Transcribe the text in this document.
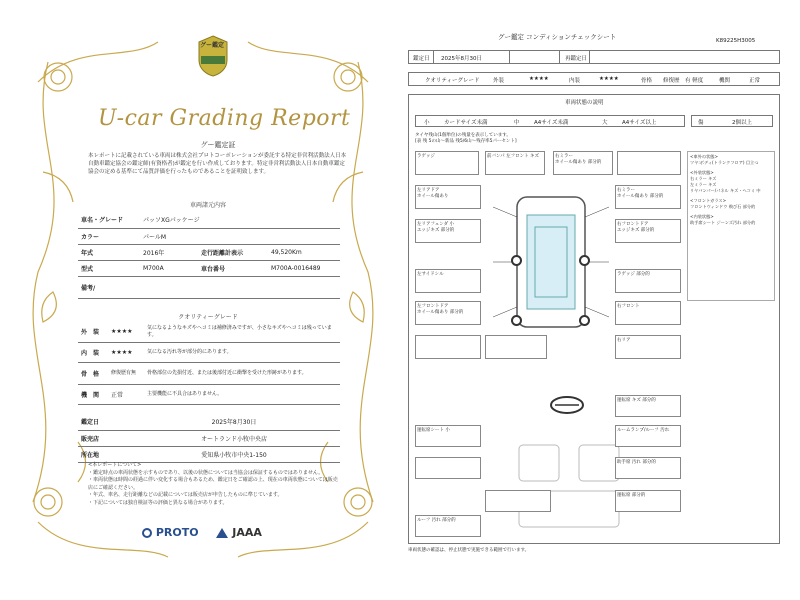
グー鑑定
U-car Grading Report
グー鑑定証
本レポートに記載されている車両は株式会社プロトコーポレーションが委託する特定非営利活動法人日本自動車鑑定協会の鑑定師(有資格者)が鑑定を行い作成しております。特定非営利活動法人日本自動車鑑定協会の定める基準にて品質評価を行ったものであることを証明致します。
車両諸元内容
車名・グレード	パッソXGパッケージ		
カラー	パールM		
年式	2016年	走行距離計表示	49,520Km
型式	M700A	車台番号	M700A-0016489
備考/			
クオリティーグレード
外　装	★★★★	気になるようなキズやヘコミは補修済みですが、小さなキズやヘコミは残っています。
内　装	★★★★	気になる汚れ等が部分的にあります。
骨　格	修復歴有無	骨格部位の先損付近、または後部付近に衝撃を受けた形跡があります。
機　関	正常	主要機能に不具合はありません。
鑑定日	2025年8月30日
販売店	オートランド小牧中央店
所在地	愛知県小牧市中央1-150
<本レポートについて>
・鑑定時点の車両状態を示すものであり、以後の状態については当協会は保証するものではありません。
・車両状態は時間の経過に伴い変化する場合もあるため、鑑定日をご確認の上、現在の車両状態については販売店にご確認ください。
・年式、車名、走行距離などの記載については販売店が申告したものに準じています。
・下記については独自検証等の評価と異なる場合があります。
PROTO	JAAA
グー鑑定 コンディションチェックシート	K89225H3005
鑑定日 2025年8月30日	再鑑定日
クオリティーグレード 外装	★★★★	内装	★★★★	骨格 修復歴 有 軽度	機関	正常
車両状態の説明
小	カードサイズ未満	中	A4サイズ未満	大	A4サイズ以上	傷	2個以上
タイヤ残山(1個単位)の残量を表示しています。
[表 残 5の山〜新品 残5/6山〜残存率5パーセント]
ラゲッジ	前バンパ 左フロント キズ
左リアドア
ホイール傷あり
左リアフェンダ 小
エッジキズ 部分的
左サイドシル
左フロントドア
ホイール傷あり 部分的
右ミラー
ホイール傷あり 部分的
右ミラー
ホイール傷あり 部分的
右フロントドア
エッジキズ 部分的
ラゲッジ 部分的
右フロント
右リア
<車外の状態>
ツヤ:ボディ(トランクフロア) 目立つ
<外装状態>
右ミラー キズ
左ミラー キズ
リヤバンパー/パネル キズ・ヘコミ 中
<フロントガラス>
フロントウィンドウ 飛び石 部分的
<内装状態>
助手席シート ジーンズ汚れ 部分的
運転席 キズ 部分的
ルームランプ/ルーフ 汚れ
助手席 汚れ 部分的
運転席 部分的
運転席シート 小
ルーフ 汚れ 部分的
車両状態の確認は、停止状態で実施できる範囲で行います。
